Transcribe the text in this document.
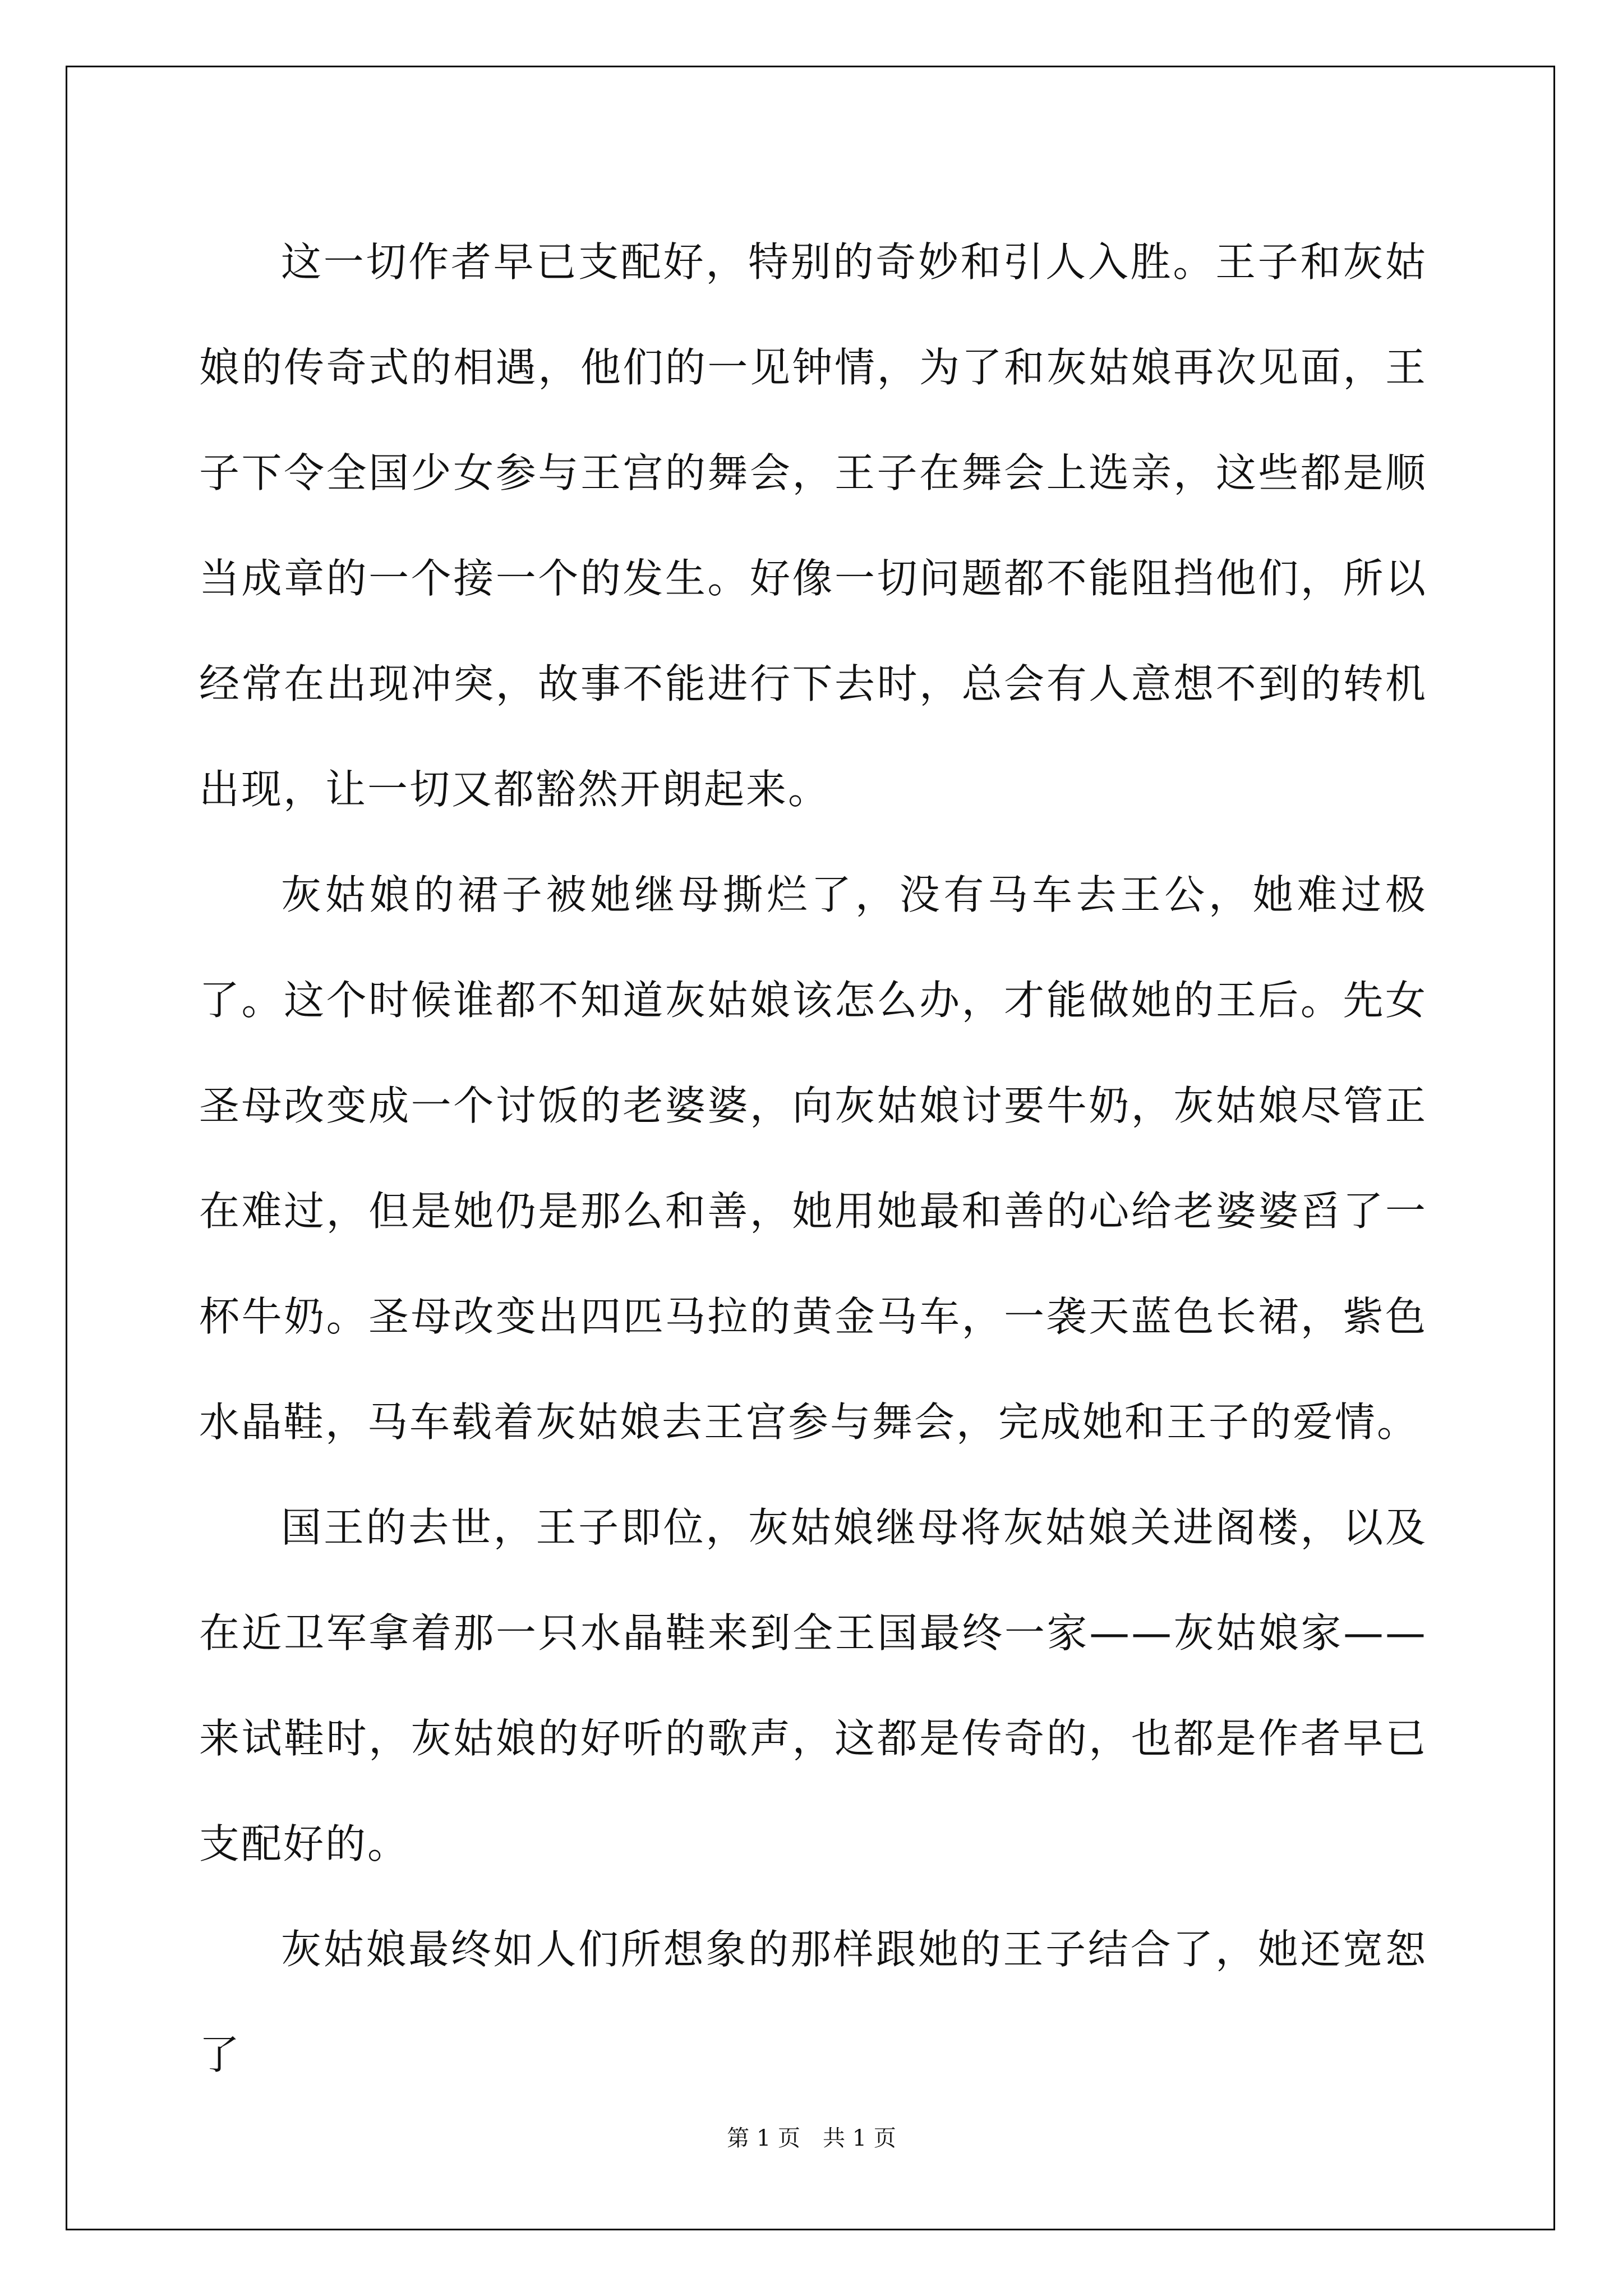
这一切作者早已支配好，特别的奇妙和引人入胜。王子和灰姑娘的传奇式的相遇，他们的一见钟情，为了和灰姑娘再次见面，王子下令全国少女参与王宫的舞会，王子在舞会上选亲，这些都是顺当成章的一个接一个的发生。好像一切问题都不能阻挡他们，所以经常在出现冲突，故事不能进行下去时，总会有人意想不到的转机出现，让一切又都豁然开朗起来。

灰姑娘的裙子被她继母撕烂了，没有马车去王公，她难过极了。这个时候谁都不知道灰姑娘该怎么办，才能做她的王后。先女圣母改变成一个讨饭的老婆婆，向灰姑娘讨要牛奶，灰姑娘尽管正在难过，但是她仍是那么和善，她用她最和善的心给老婆婆舀了一杯牛奶。圣母改变出四匹马拉的黄金马车，一袭天蓝色长裙，紫色水晶鞋，马车载着灰姑娘去王宫参与舞会，完成她和王子的爱情。

国王的去世，王子即位，灰姑娘继母将灰姑娘关进阁楼，以及在近卫军拿着那一只水晶鞋来到全王国最终一家——灰姑娘家——来试鞋时，灰姑娘的好听的歌声，这都是传奇的，也都是作者早已支配好的。

灰姑娘最终如人们所想象的那样跟她的王子结合了，她还宽恕了

第 1 页　共 1 页
